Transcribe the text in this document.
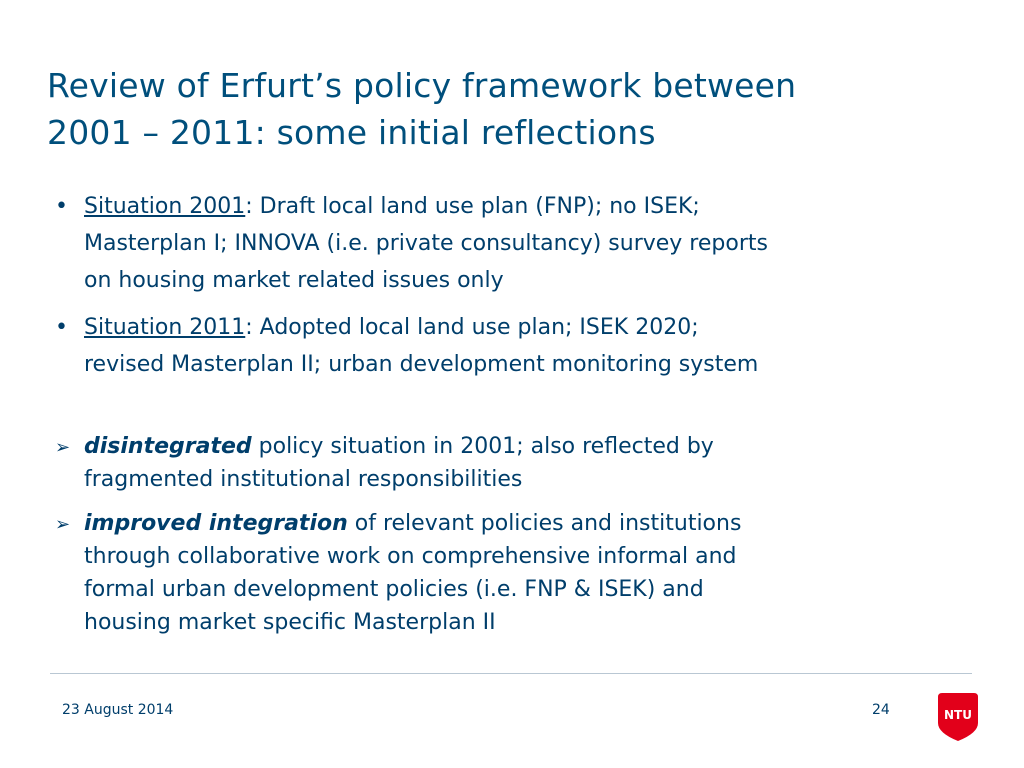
Review of Erfurt’s policy framework between
2001 – 2011: some initial reflections
• Situation 2001: Draft local land use plan (FNP); no ISEK;
Masterplan I; INNOVA (i.e. private consultancy) survey reports
on housing market related issues only
• Situation 2011: Adopted local land use plan; ISEK 2020;
revised Masterplan II; urban development monitoring system
➢ disintegrated policy situation in 2001; also reflected by
fragmented institutional responsibilities
➢ improved integration of relevant policies and institutions
through collaborative work on comprehensive informal and
formal urban development policies (i.e. FNP & ISEK) and
housing market specific Masterplan II
23 August 2014	24	NTU
